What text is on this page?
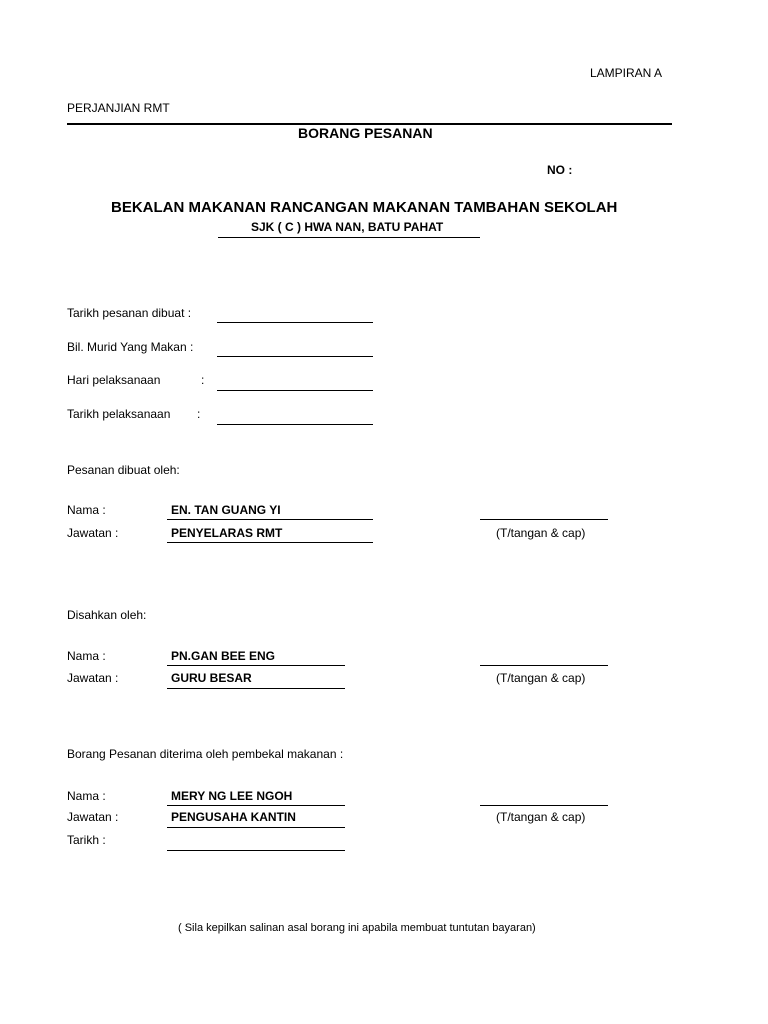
LAMPIRAN A
PERJANJIAN RMT
BORANG PESANAN
NO :
BEKALAN MAKANAN RANCANGAN MAKANAN TAMBAHAN SEKOLAH
SJK ( C ) HWA NAN, BATU PAHAT
Tarikh pesanan dibuat :
Bil. Murid Yang Makan :
Hari pelaksanaan	:
Tarikh pelaksanaan :
Pesanan dibuat oleh:
Nama :	EN. TAN GUANG YI
Jawatan :	PENYELARAS RMT	(T/tangan & cap)
Disahkan oleh:
Nama :	PN.GAN BEE ENG
Jawatan :	GURU BESAR	(T/tangan & cap)
Borang Pesanan diterima oleh pembekal makanan :
Nama :	MERY NG LEE NGOH
Jawatan :	PENGUSAHA KANTIN	(T/tangan & cap)
Tarikh :
( Sila kepilkan salinan asal borang ini apabila membuat tuntutan bayaran)
